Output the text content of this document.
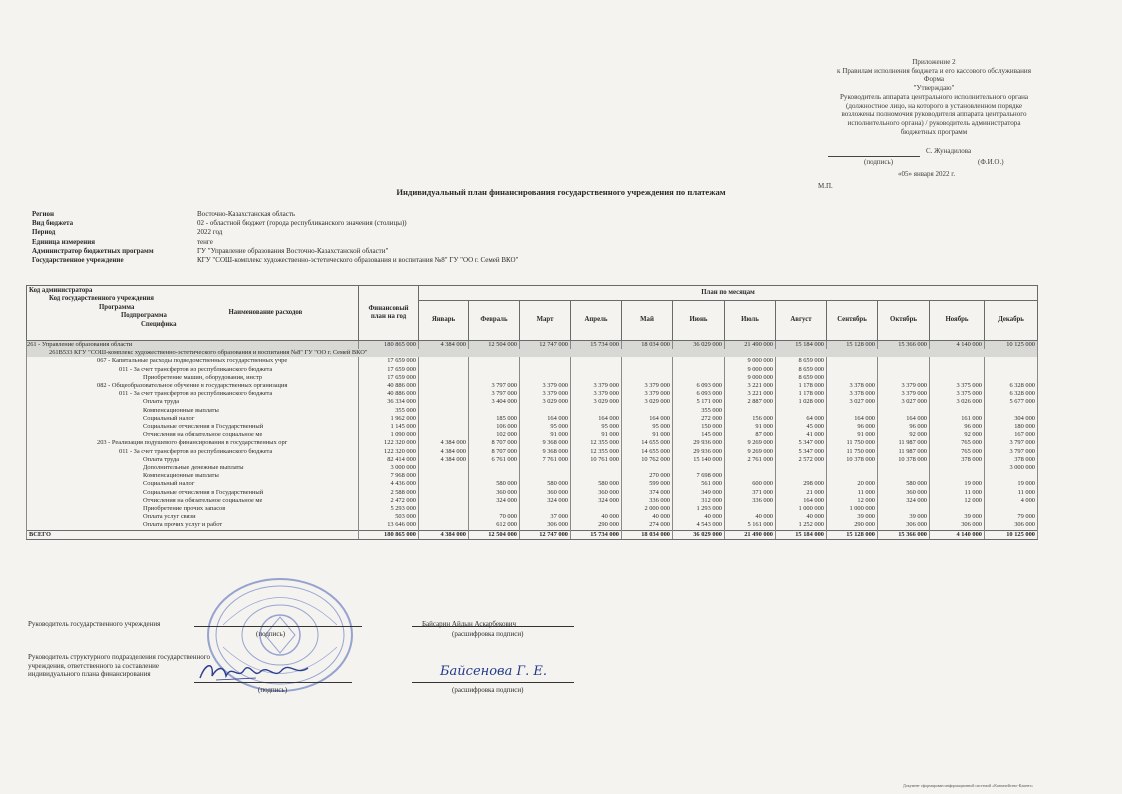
Приложение 2
к Правилам исполнения бюджета и его кассового обслуживания
Форма
"Утверждаю"
Руководитель аппарата центрального исполнительного органа
(должностное лицо, на которого в установленном порядке
возложены полномочия руководителя аппарата центрального
исполнительного органа) / руководитель администратора
бюджетных программ
С. Жунадилова
(подпись)	(Ф.И.О.)
«05» января 2022 г.
М.П.
Индивидуальный план финансирования государственного учреждения по платежам
Регион	Восточно-Казахстанская область
Вид бюджета	02 - областной бюджет (города республиканского значения (столицы))
Период	2022 год
Единица измерения	тенге
Администратор бюджетных программ	ГУ "Управление образования Восточно-Казахстанской области"
Государственное учреждение	КГУ "СОШ-комплекс художественно-эстетического образования и воспитания №8" ГУ "ОО г. Семей ВКО"
Код администратора
Код государственного учреждения
Программа
Подпрограмма
Специфика	Наименование расходов	Финансовый план на год	План по месяцам											
			Январь	Февраль	Март	Апрель	Май	Июнь	Июль	Август	Сентябрь	Октябрь	Ноябрь	Декабрь
261 - Управление образования области		180 865 000	4 384 000	12 504 000	12 747 000	15 734 000	18 034 000	36 029 000	21 490 000	15 184 000	15 128 000	15 366 000	4 140 000	10 125 000
261B533 КГУ "СОШ-комплекс художественно-эстетического образования и воспитания №8" ГУ "ОО г. Семей ВКО"														
067 - Капитальные расходы подведомственных государственных учре		17 659 000							9 000 000	8 659 000				
011 - За счет трансфертов из республиканского бюджета		17 659 000							9 000 000	8 659 000				
Приобретение машин, оборудования, инстр		17 659 000							9 000 000	8 659 000				
082 - Общеобразовательное обучение в государственных организация		40 886 000		3 797 000	3 379 000	3 379 000	3 379 000	6 093 000	3 221 000	1 178 000	3 378 000	3 379 000	3 375 000	6 328 000
011 - За счет трансфертов из республиканского бюджета		40 886 000		3 797 000	3 379 000	3 379 000	3 379 000	6 093 000	3 221 000	1 178 000	3 378 000	3 379 000	3 375 000	6 328 000
Оплата труда		36 334 000		3 404 000	3 029 000	3 029 000	3 029 000	5 171 000	2 887 000	1 028 000	3 027 000	3 027 000	3 026 000	5 677 000
Компенсационные выплаты		355 000						355 000						
Социальный налог		1 962 000		185 000	164 000	164 000	164 000	272 000	156 000	64 000	164 000	164 000	161 000	304 000
Социальные отчисления в Государственный		1 145 000		106 000	95 000	95 000	95 000	150 000	91 000	45 000	96 000	96 000	96 000	180 000
Отчисления на обязательное социальное ме		1 090 000		102 000	91 000	91 000	91 000	145 000	87 000	41 000	91 000	92 000	92 000	167 000
203 - Реализация подушевого финансирования в государственных орг		122 320 000	4 384 000	8 707 000	9 368 000	12 355 000	14 655 000	29 936 000	9 269 000	5 347 000	11 750 000	11 987 000	765 000	3 797 000
011 - За счет трансфертов из республиканского бюджета		122 320 000	4 384 000	8 707 000	9 368 000	12 355 000	14 655 000	29 936 000	9 269 000	5 347 000	11 750 000	11 987 000	765 000	3 797 000
Оплата труда		82 414 000	4 384 000	6 761 000	7 761 000	10 761 000	10 762 000	15 140 000	2 761 000	2 572 000	10 378 000	10 378 000	378 000	378 000
Дополнительные денежные выплаты		3 000 000												3 000 000
Компенсационные выплаты		7 968 000					270 000	7 698 000						
Социальный налог		4 436 000		580 000	580 000	580 000	599 000	561 000	600 000	298 000	20 000	580 000	19 000	19 000
Социальные отчисления в Государственный		2 588 000		360 000	360 000	360 000	374 000	349 000	371 000	21 000	11 000	360 000	11 000	11 000
Отчисления на обязательное социальное ме		2 472 000		324 000	324 000	324 000	336 000	312 000	336 000	164 000	12 000	324 000	12 000	4 000
Приобретение прочих запасов		5 293 000					2 000 000	1 293 000		1 000 000	1 000 000			
Оплата услуг связи		503 000		70 000	37 000	40 000	40 000	40 000	40 000	40 000	39 000	39 000	39 000	79 000
Оплата прочих услуг и работ		13 646 000		612 000	306 000	290 000	274 000	4 543 000	5 161 000	1 252 000	290 000	306 000	306 000	306 000
ВСЕГО		180 865 000	4 384 000	12 504 000	12 747 000	15 734 000	18 034 000	36 029 000	21 490 000	15 184 000	15 128 000	15 366 000	4 140 000	10 125 000
Руководитель государственного учреждения
(подпись)
Байсарин Айдын Аскарбекович
(расшифровка подписи)
Руководитель структурного подразделения государственного
учреждения, ответственного за составление
индивидуального плана финансирования
(подпись)
Байсенова Г. Е.
(расшифровка подписи)
Документ сформирован информационной системой «Казначейство-Клиент»
